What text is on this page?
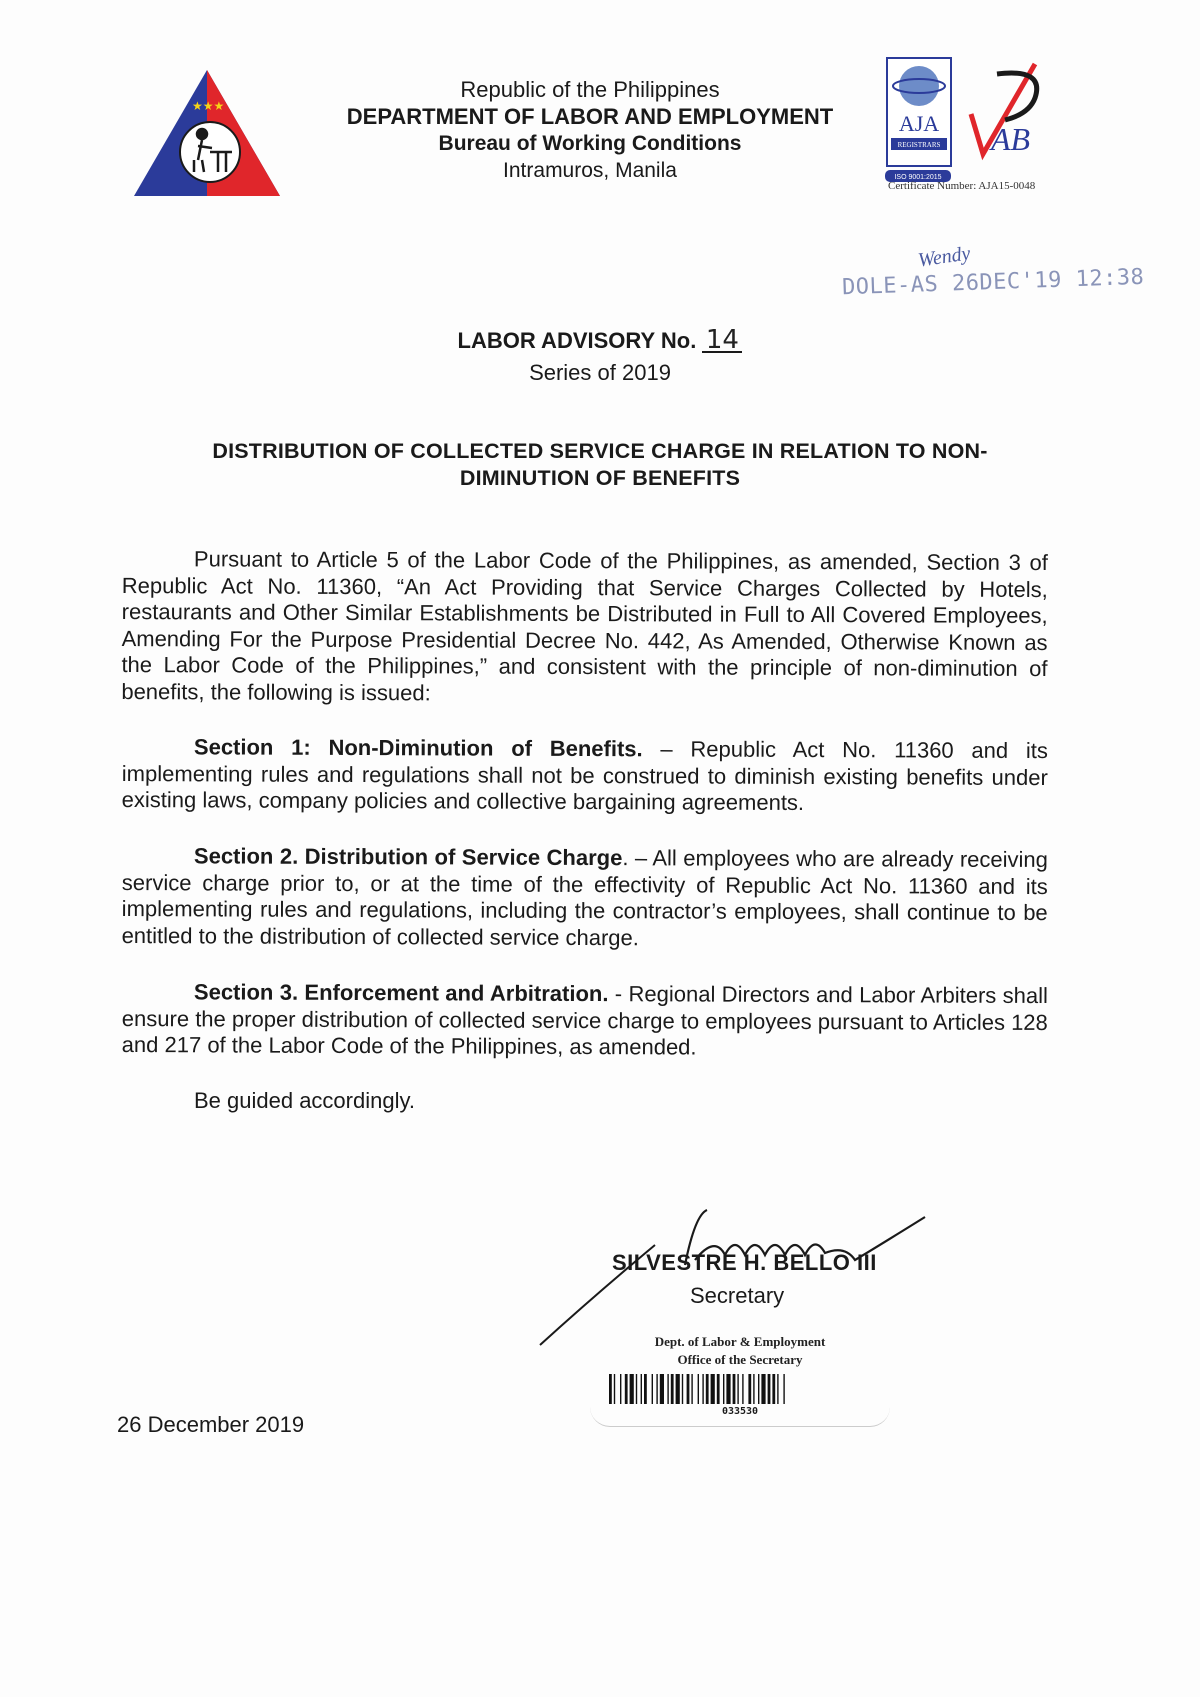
★★★
Republic of the Philippines
DEPARTMENT OF LABOR AND EMPLOYMENT
Bureau of Working Conditions
Intramuros, Manila
AJA
REGISTRARS
ISO 9001:2015
AB
Certificate Number: AJA15-0048
Wendy
DOLE-AS 26DEC'19 12:38
LABOR ADVISORY No. 14
Series of 2019
DISTRIBUTION OF COLLECTED SERVICE CHARGE IN RELATION TO NON-DIMINUTION OF BENEFITS

Pursuant to Article 5 of the Labor Code of the Philippines, as amended, Section 3 of Republic Act No. 11360, “An Act Providing that Service Charges Collected by Hotels, restaurants and Other Similar Establishments be Distributed in Full to All Covered Employees, Amending For the Purpose Presidential Decree No. 442, As Amended, Otherwise Known as the Labor Code of the Philippines,” and consistent with the principle of non-diminution of benefits, the following is issued:

Section 1: Non-Diminution of Benefits. – Republic Act No. 11360 and its implementing rules and regulations shall not be construed to diminish existing benefits under existing laws, company policies and collective bargaining agreements.

Section 2. Distribution of Service Charge. – All employees who are already receiving service charge prior to, or at the time of the effectivity of Republic Act No. 11360 and its implementing rules and regulations, including the contractor’s employees, shall continue to be entitled to the distribution of collected service charge.

Section 3. Enforcement and Arbitration. - Regional Directors and Labor Arbiters shall ensure the proper distribution of collected service charge to employees pursuant to Articles 128 and 217 of the Labor Code of the Philippines, as amended.

Be guided accordingly.

SILVESTRE H. BELLO III
Secretary
Dept. of Labor & Employment
Office of the Secretary
033530
26 December 2019
